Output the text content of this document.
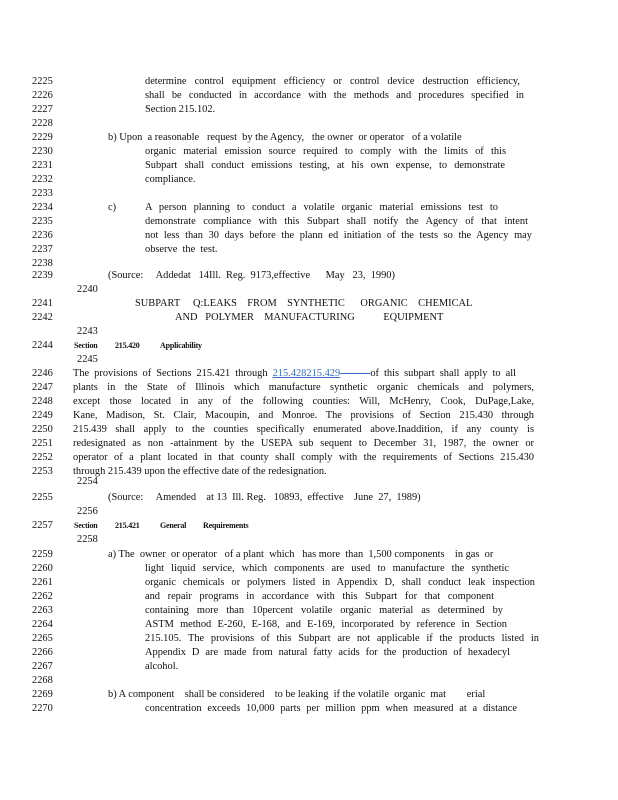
2225	determine control equipment efficiency or control device destruction efficiency,
2226	shall be conducted in accordance with the methods and procedures specified in
2227	Section 215.102.
2228
2229	b) Upon  a reasonable   request  by the Agency,   the owner  or operator   of a volatile
2230	organic material emission source required to comply with the limits of this
2231	Subpart shall conduct emissions testing, at his own expense, to demonstrate
2232	compliance.
2233
2234	c)	A person planning to conduct a volatile organic material emissions test to
2235	demonstrate compliance with this Subpart shall notify the Agency of that intent
2236	not less than 30 days before the plann ed initiation of the tests so the Agency may
2237	observe  the  test.
2238
2239	(Source:     Addedat   14Ill.  Reg.  9173,effective      May   23,  1990)
2240
2243
2245
2254
2256
2258
2241	SUBPART     Q:LEAKS    FROM    SYNTHETIC      ORGANIC    CHEMICAL
2242	AND   POLYMER    MANUFACTURING           EQUIPMENT
2244	Section 215.420	Applicability
2246	The provisions of Sections 215.421 through 215.428215.429	of this subpart shall apply to all
2247	plants in the State of Illinois which manufacture synthetic organic chemicals and polymers,
2248	except those located in any of the following counties: Will, McHenry, Cook, DuPage,Lake,
2249	Kane, Madison, St. Clair, Macoupin, and Monroe. The provisions of Section 215.430 through
2250	215.439 shall apply to the counties specifically enumerated above.Inaddition, if any county is
2251	redesignated as non -attainment by the USEPA sub sequent to December 31, 1987, the owner or
2252	operator of a plant located in that county shall comply with the requirements of Sections 215.430
2253	through 215.439 upon the effective date of the redesignation.
2255	(Source:     Amended    at 13  Ill. Reg.   10893,  effective    June  27,  1989)
2257	Section 215.421	General Requirements
2259	a) The  owner  or operator   of a plant  which   has more  than  1,500 components    in gas  or
2260	light liquid service, which components are used to manufacture the synthetic
2261	organic chemicals or polymers listed in Appendix D, shall conduct leak inspection
2262	and repair programs in accordance with this Subpart for that component
2263	containing more than 10percent volatile organic material as determined by
2264	ASTM method E-260, E-168, and E-169, incorporated by reference in Section
2265	215.105. The provisions of this Subpart are not applicable if the products listed in
2266	Appendix D are made from natural fatty acids for the production of hexadecyl
2267	alcohol.
2268
2269	b) A component    shall be considered    to be leaking  if the volatile  organic  mat        erial
2270	concentration exceeds 10,000 parts per million ppm when measured at a distance
